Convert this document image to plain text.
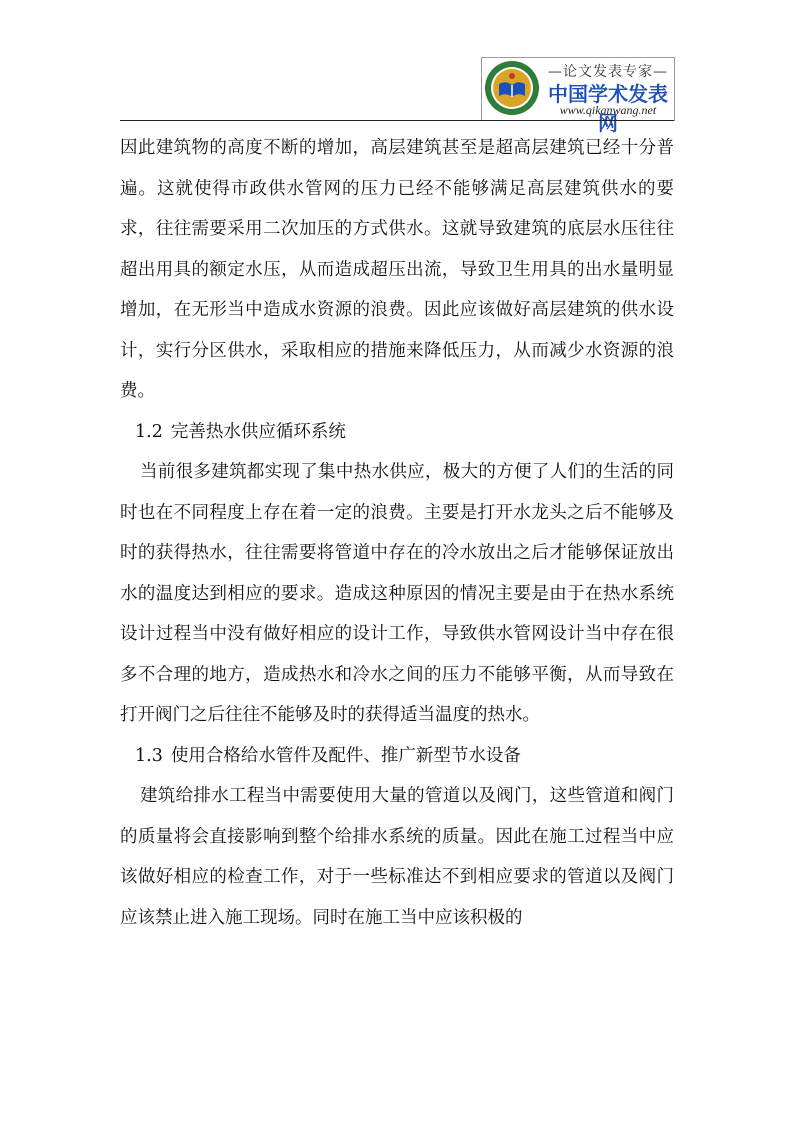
—论文发表专家—
中国学术发表网
www.qikanwang.net

因此建筑物的高度不断的增加，高层建筑甚至是超高层建筑已经十分普遍。这就使得市政供水管网的压力已经不能够满足高层建筑供水的要求，往往需要采用二次加压的方式供水。这就导致建筑的底层水压往往超出用具的额定水压，从而造成超压出流，导致卫生用具的出水量明显增加，在无形当中造成水资源的浪费。因此应该做好高层建筑的供水设计，实行分区供水，采取相应的措施来降低压力，从而减少水资源的浪费。

1.2 完善热水供应循环系统

当前很多建筑都实现了集中热水供应，极大的方便了人们的生活的同时也在不同程度上存在着一定的浪费。主要是打开水龙头之后不能够及时的获得热水，往往需要将管道中存在的冷水放出之后才能够保证放出水的温度达到相应的要求。造成这种原因的情况主要是由于在热水系统设计过程当中没有做好相应的设计工作，导致供水管网设计当中存在很多不合理的地方，造成热水和冷水之间的压力不能够平衡，从而导致在打开阀门之后往往不能够及时的获得适当温度的热水。

1.3 使用合格给水管件及配件、推广新型节水设备

建筑给排水工程当中需要使用大量的管道以及阀门，这些管道和阀门的质量将会直接影响到整个给排水系统的质量。因此在施工过程当中应该做好相应的检查工作，对于一些标准达不到相应要求的管道以及阀门应该禁止进入施工现场。同时在施工当中应该积极的
